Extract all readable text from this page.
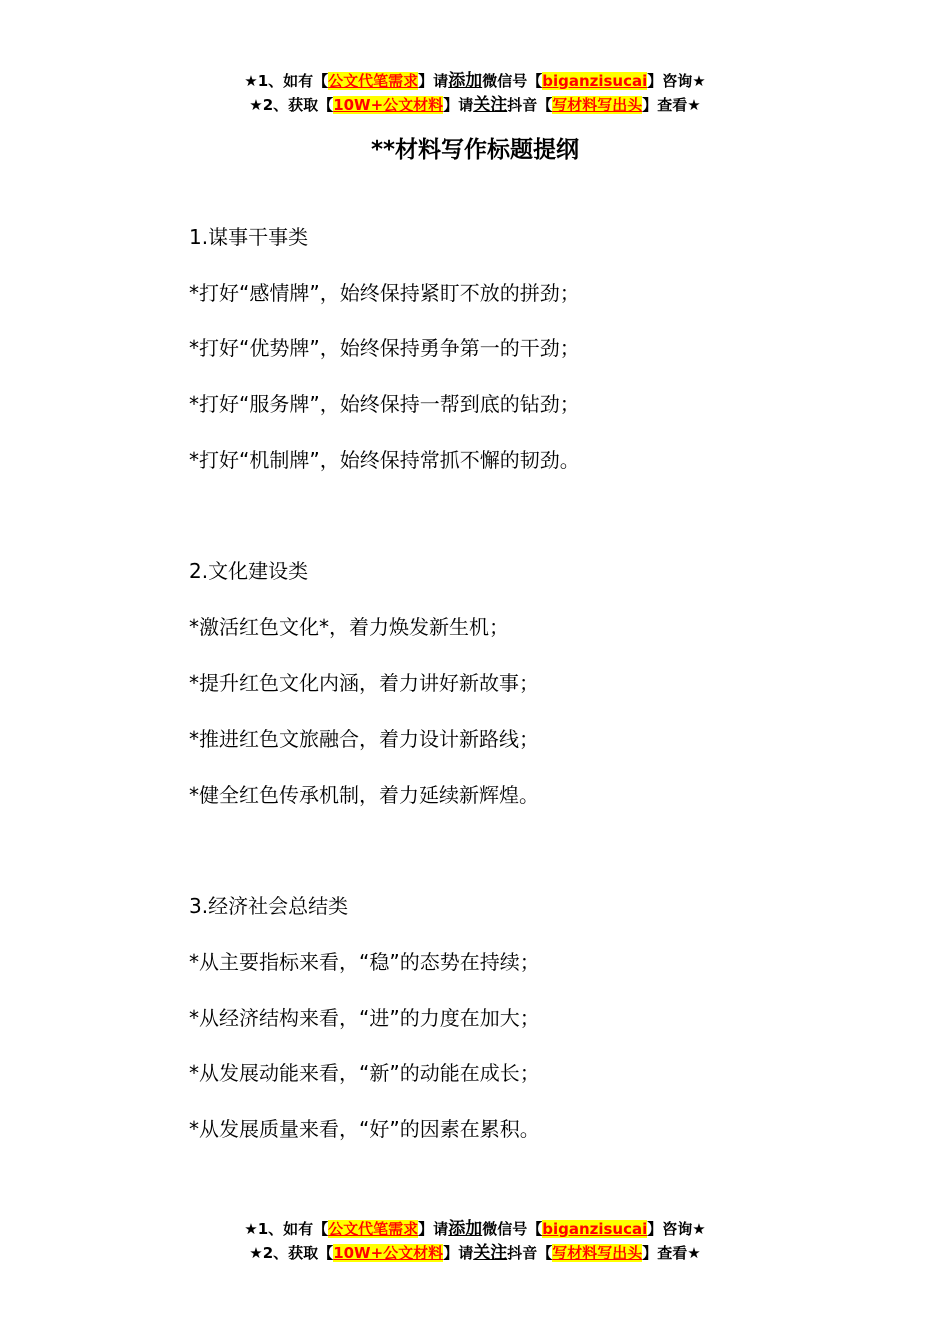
★1、如有【公文代笔需求】请添加微信号【biganzisucai】咨询★
★2、获取【10W+公文材料】请关注抖音【写材料写出头】查看★
**材料写作标题提纲
1.谋事干事类
*打好“感情牌”，始终保持紧盯不放的拼劲；
*打好“优势牌”，始终保持勇争第一的干劲；
*打好“服务牌”，始终保持一帮到底的钻劲；
*打好“机制牌”，始终保持常抓不懈的韧劲。
2.文化建设类
*激活红色文化*，着力焕发新生机；
*提升红色文化内涵，着力讲好新故事；
*推进红色文旅融合，着力设计新路线；
*健全红色传承机制，着力延续新辉煌。
3.经济社会总结类
*从主要指标来看，“稳”的态势在持续；
*从经济结构来看，“进”的力度在加大；
*从发展动能来看，“新”的动能在成长；
*从发展质量来看，“好”的因素在累积。
★1、如有【公文代笔需求】请添加微信号【biganzisucai】咨询★
★2、获取【10W+公文材料】请关注抖音【写材料写出头】查看★
